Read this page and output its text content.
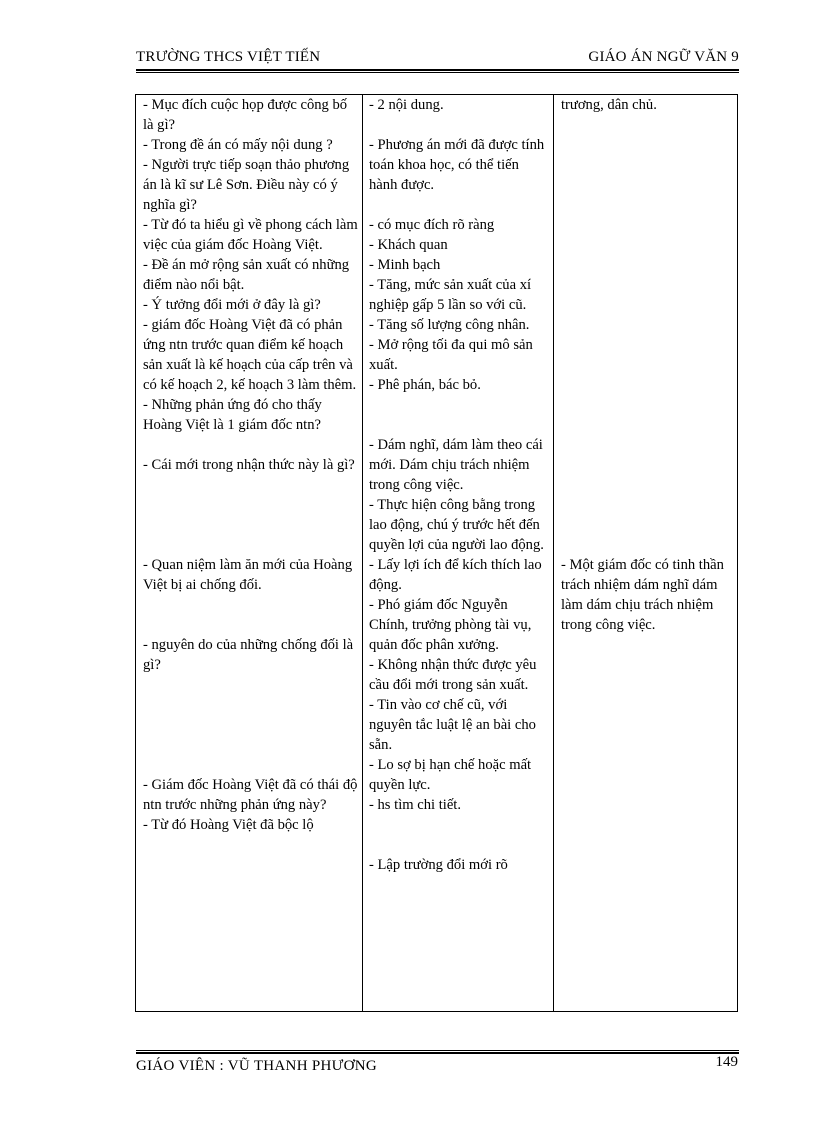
TRƯỜNG THCS VIỆT TIẾN	GIÁO ÁN NGỮ VĂN 9
- Mục đích cuộc họp được công bố là gì?
- Trong đề án có mấy nội dung ?
- Người trực tiếp soạn thảo phương án là kĩ sư Lê Sơn. Điều này có ý nghĩa gì?
- Từ đó ta hiểu gì về phong cách làm việc của giám đốc Hoàng Việt.
- Đề án mở rộng sản xuất có những điểm nào nổi bật.
- Ý tưởng đổi mới ở đây là gì?
- giám đốc Hoàng Việt đã có phản ứng ntn trước quan điểm kế hoạch sản xuất là kế hoạch của cấp trên và có kế hoạch 2, kế hoạch 3 làm thêm.
- Những phản ứng đó cho thấy Hoàng Việt là 1 giám đốc ntn?
- Cái mới trong nhận thức này là gì?
- Quan niệm làm ăn mới của Hoàng Việt bị ai chống đối.
- nguyên do của những chống đối là gì?
- Giám đốc Hoàng Việt đã có thái độ ntn trước những phản ứng này?
- Từ đó Hoàng Việt đã bộc lộ
- 2 nội dung.
- Phương án mới đã được tính toán khoa học, có thể tiến hành được.
- có mục đích rõ ràng
- Khách quan
- Minh bạch
- Tăng, mức sản xuất của xí nghiệp gấp 5 lần so với cũ.
- Tăng số lượng công nhân.
- Mở rộng tối đa qui mô sản xuất.
- Phê phán, bác bỏ.
- Dám nghĩ, dám làm theo cái mới. Dám chịu trách nhiệm trong công việc.
- Thực hiện công bằng trong lao động, chú ý trước hết đến quyền lợi của người lao động.
- Lấy lợi ích để kích thích lao động.
- Phó giám đốc Nguyễn Chính, trưởng phòng tài vụ, quản đốc phân xưởng.
- Không nhận thức được yêu cầu đổi mới trong sản xuất.
- Tin vào cơ chế cũ, với nguyên tắc luật lệ an bài cho sẵn.
- Lo sợ bị hạn chế hoặc mất quyền lực.
- hs tìm chi tiết.
- Lập trường đổi mới rõ
trương, dân chủ.
- Một giám đốc có tinh thần trách nhiệm dám nghĩ dám làm dám chịu trách nhiệm trong công việc.
GIÁO VIÊN : VŨ THANH PHƯƠNG	149
